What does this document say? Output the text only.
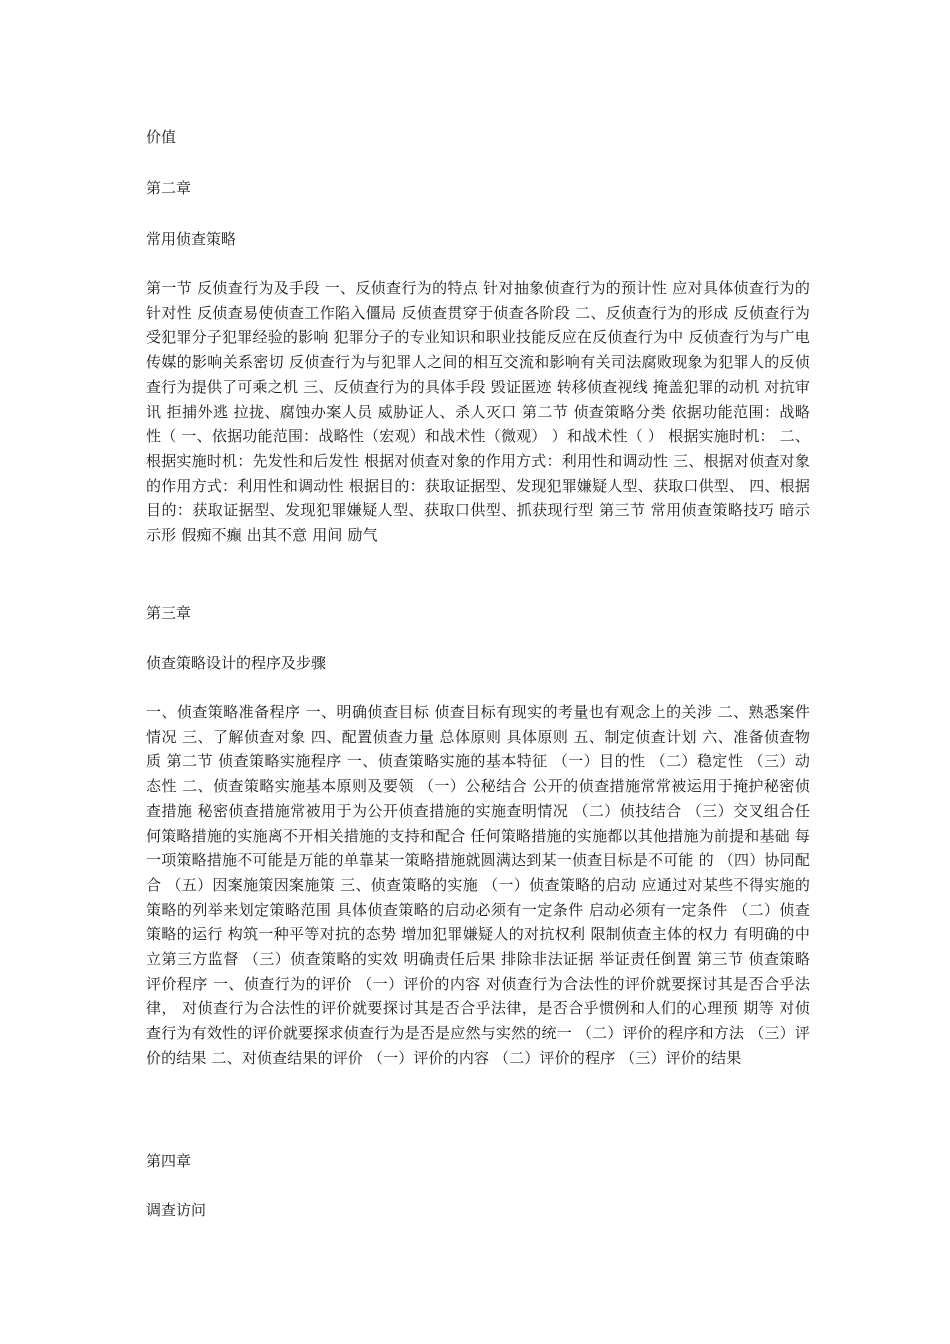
价值
第二章
常用侦查策略
第一节 反侦查行为及手段 一、反侦查行为的特点 针对抽象侦查行为的预计性 应对具体侦查行为的针对性 反侦查易使侦查工作陷入僵局 反侦查贯穿于侦查各阶段 二、反侦查行为的形成 反侦查行为受犯罪分子犯罪经验的影响 犯罪分子的专业知识和职业技能反应在反侦查行为中 反侦查行为与广电传媒的影响关系密切 反侦查行为与犯罪人之间的相互交流和影响有关司法腐败现象为犯罪人的反侦查行为提供了可乘之机 三、反侦查行为的具体手段 毁证匿迹 转移侦查视线 掩盖犯罪的动机 对抗审讯 拒捕外逃 拉拢、腐蚀办案人员 威胁证人、杀人灭口 第二节 侦查策略分类 依据功能范围：战略性（ 一、依据功能范围：战略性（宏观）和战术性（微观） ）和战术性（ ） 根据实施时机： 二、根据实施时机：先发性和后发性 根据对侦查对象的作用方式：利用性和调动性 三、根据对侦查对象的作用方式：利用性和调动性 根据目的：获取证据型、发现犯罪嫌疑人型、获取口供型、 四、根据目的：获取证据型、发现犯罪嫌疑人型、获取口供型、抓获现行型 第三节 常用侦查策略技巧 暗示 示形 假痴不癫 出其不意 用间 励气
第三章
侦查策略设计的程序及步骤
一、侦查策略准备程序 一、明确侦查目标 侦查目标有现实的考量也有观念上的关涉 二、熟悉案件情况 三、了解侦查对象 四、配置侦查力量 总体原则 具体原则 五、制定侦查计划 六、准备侦查物质 第二节 侦查策略实施程序 一、侦查策略实施的基本特征 （一）目的性 （二）稳定性 （三）动态性 二、侦查策略实施基本原则及要领 （一）公秘结合 公开的侦查措施常常被运用于掩护秘密侦查措施 秘密侦查措施常被用于为公开侦查措施的实施查明情况 （二）侦技结合 （三）交叉组合任何策略措施的实施离不开相关措施的支持和配合 任何策略措施的实施都以其他措施为前提和基础 每一项策略措施不可能是万能的单靠某一策略措施就圆满达到某一侦查目标是不可能 的 （四）协同配合 （五）因案施策因案施策 三、侦查策略的实施 （一）侦查策略的启动 应通过对某些不得实施的策略的列举来划定策略范围 具体侦查策略的启动必须有一定条件 启动必须有一定条件 （二）侦查策略的运行 构筑一种平等对抗的态势 增加犯罪嫌疑人的对抗权利 限制侦查主体的权力 有明确的中立第三方监督 （三）侦查策略的实效 明确责任后果 排除非法证据 举证责任倒置 第三节 侦查策略评价程序 一、侦查行为的评价 （一）评价的内容 对侦查行为合法性的评价就要探讨其是否合乎法律， 对侦查行为合法性的评价就要探讨其是否合乎法律，是否合乎惯例和人们的心理预 期等 对侦查行为有效性的评价就要探求侦查行为是否是应然与实然的统一 （二）评价的程序和方法 （三）评价的结果 二、对侦查结果的评价 （一）评价的内容 （二）评价的程序 （三）评价的结果
第四章
调查访问
